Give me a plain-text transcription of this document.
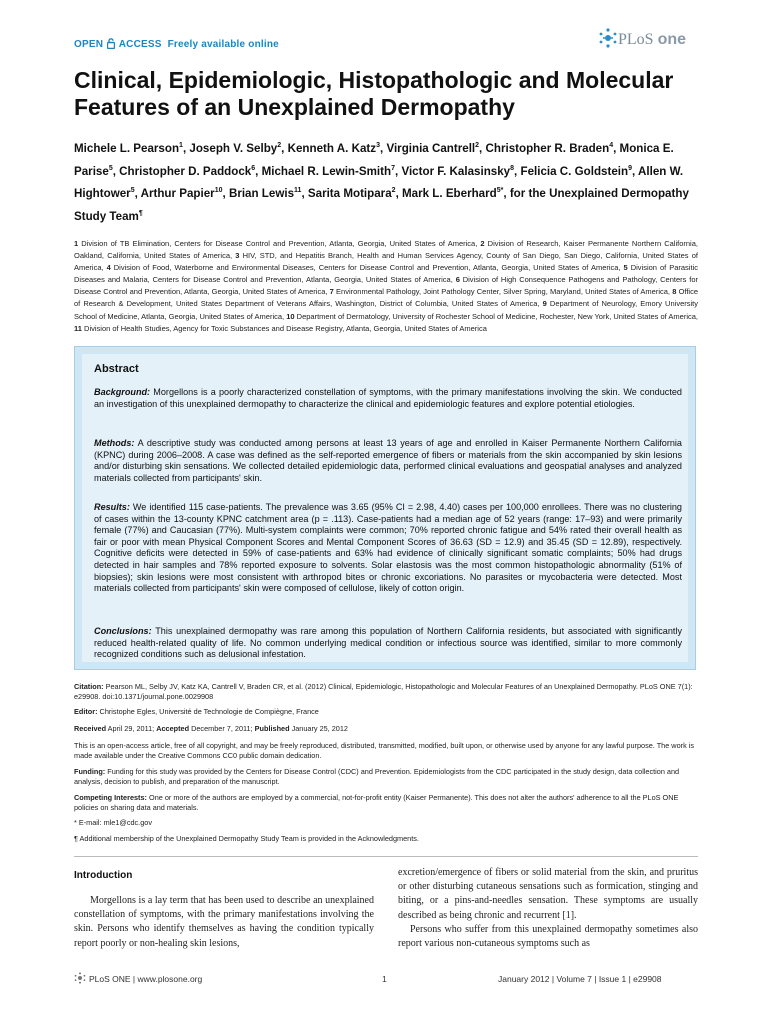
OPEN ACCESS Freely available online	PLoS one
Clinical, Epidemiologic, Histopathologic and Molecular Features of an Unexplained Dermopathy
Michele L. Pearson$^1$, Joseph V. Selby$^2$, Kenneth A. Katz$^3$, Virginia Cantrell$^2$, Christopher R. Braden$^4$, Monica E. Parise$^5$, Christopher D. Paddock$^6$, Michael R. Lewin-Smith$^7$, Victor F. Kalasinsky$^8$, Felicia C. Goldstein$^9$, Allen W. Hightower$^5$, Arthur Papier$^{10}$, Brian Lewis$^{11}$, Sarita Motipara$^2$, Mark L. Eberhard$^{5*}$, for the Unexplained Dermopathy Study Team¶
1 Division of TB Elimination, Centers for Disease Control and Prevention, Atlanta, Georgia, United States of America, 2 Division of Research, Kaiser Permanente Northern California, Oakland, California, United States of America, 3 HIV, STD, and Hepatitis Branch, Health and Human Services Agency, County of San Diego, San Diego, California, United States of America, 4 Division of Food, Waterborne and Environmental Diseases, Centers for Disease Control and Prevention, Atlanta, Georgia, United States of America, 5 Division of Parasitic Diseases and Malaria, Centers for Disease Control and Prevention, Atlanta, Georgia, United States of America, 6 Division of High Consequence Pathogens and Pathology, Centers for Disease Control and Prevention, Atlanta, Georgia, United States of America, 7 Environmental Pathology, Joint Pathology Center, Silver Spring, Maryland, United States of America, 8 Office of Research & Development, United States Department of Veterans Affairs, Washington, District of Columbia, United States of America, 9 Department of Neurology, Emory University School of Medicine, Atlanta, Georgia, United States of America, 10 Department of Dermatology, University of Rochester School of Medicine, Rochester, New York, United States of America, 11 Division of Health Studies, Agency for Toxic Substances and Disease Registry, Atlanta, Georgia, United States of America
Abstract

Background: Morgellons is a poorly characterized constellation of symptoms, with the primary manifestations involving the skin. We conducted an investigation of this unexplained dermopathy to characterize the clinical and epidemiologic features and explore potential etiologies.

Methods: A descriptive study was conducted among persons at least 13 years of age and enrolled in Kaiser Permanente Northern California (KPNC) during 2006–2008. A case was defined as the self-reported emergence of fibers or materials from the skin accompanied by skin lesions and/or disturbing skin sensations. We collected detailed epidemiologic data, performed clinical evaluations and geospatial analyses and analyzed materials collected from participants' skin.

Results: We identified 115 case-patients. The prevalence was 3.65 (95% CI = 2.98, 4.40) cases per 100,000 enrollees. There was no clustering of cases within the 13-county KPNC catchment area (p = .113). Case-patients had a median age of 52 years (range: 17–93) and were primarily female (77%) and Caucasian (77%). Multi-system complaints were common; 70% reported chronic fatigue and 54% rated their overall health as fair or poor with mean Physical Component Scores and Mental Component Scores of 36.63 (SD = 12.9) and 35.45 (SD = 12.89), respectively. Cognitive deficits were detected in 59% of case-patients and 63% had evidence of clinically significant somatic complaints; 50% had drugs detected in hair samples and 78% reported exposure to solvents. Solar elastosis was the most common histopathologic abnormality (51% of biopsies); skin lesions were most consistent with arthropod bites or chronic excoriations. No parasites or mycobacteria were detected. Most materials collected from participants' skin were composed of cellulose, likely of cotton origin.

Conclusions: This unexplained dermopathy was rare among this population of Northern California residents, but associated with significantly reduced health-related quality of life. No common underlying medical condition or infectious source was identified, similar to more commonly recognized conditions such as delusional infestation.

Citation: Pearson ML, Selby JV, Katz KA, Cantrell V, Braden CR, et al. (2012) Clinical, Epidemiologic, Histopathologic and Molecular Features of an Unexplained Dermopathy. PLoS ONE 7(1): e29908. doi:10.1371/journal.pone.0029908
Editor: Christophe Egles, Université de Technologie de Compiègne, France
Received April 29, 2011; Accepted December 7, 2011; Published January 25, 2012
This is an open-access article, free of all copyright, and may be freely reproduced, distributed, transmitted, modified, built upon, or otherwise used by anyone for any lawful purpose. The work is made available under the Creative Commons CC0 public domain dedication.
Funding: Funding for this study was provided by the Centers for Disease Control (CDC) and Prevention. Epidemiologists from the CDC participated in the study design, data collection and analysis, decision to publish, and preparation of the manuscript.
Competing Interests: One or more of the authors are employed by a commercial, not-for-profit entity (Kaiser Permanente). This does not alter the authors' adherence to all the PLoS ONE policies on sharing data and materials.
* E-mail: mle1@cdc.gov
¶ Additional membership of the Unexplained Dermopathy Study Team is provided in the Acknowledgments.
Introduction

Morgellons is a lay term that has been used to describe an unexplained constellation of symptoms, with the primary manifestations involving the skin. Persons who identify themselves as having the condition typically report poorly or non-healing skin lesions,

excretion/emergence of fibers or solid material from the skin, and pruritus or other disturbing cutaneous sensations such as formication, stinging and biting, or a pins-and-needles sensation. These symptoms are usually described as being chronic and recurrent [1].

Persons who suffer from this unexplained dermopathy sometimes also report various non-cutaneous symptoms such as

PLoS ONE | www.plosone.org	1	January 2012 | Volume 7 | Issue 1 | e29908
